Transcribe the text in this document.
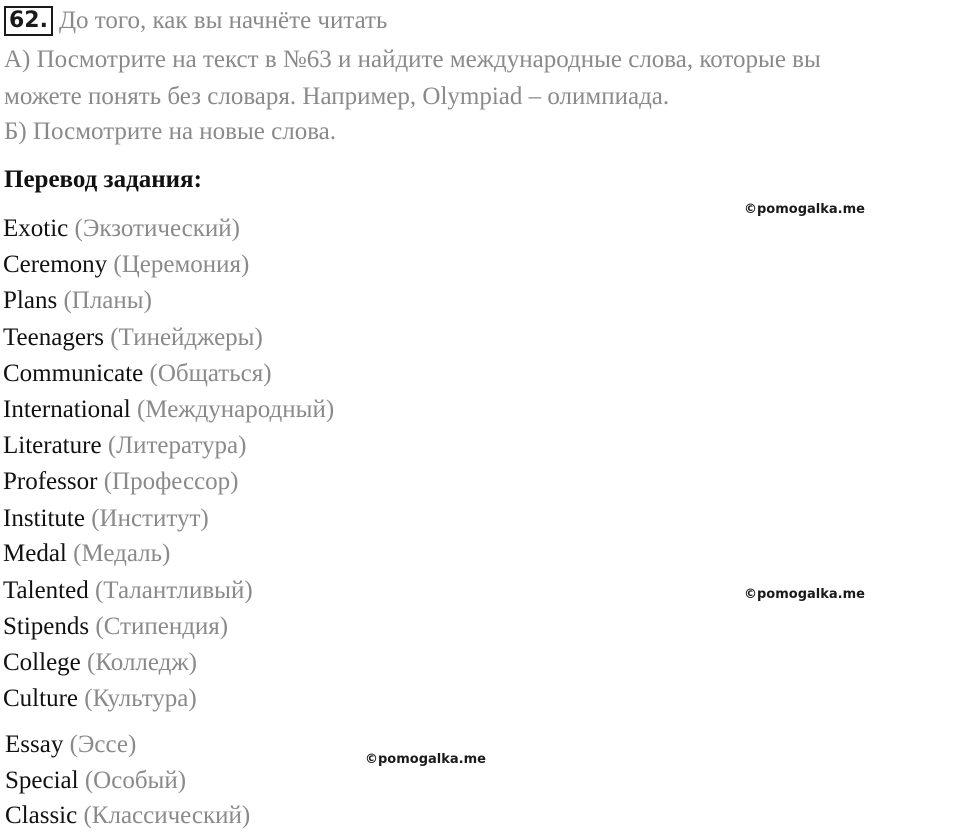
62. До того, как вы начнёте читать
А) Посмотрите на текст в №63 и найдите международные слова, которые вы
можете понять без словаря. Например, Olympiad – олимпиада.
Б) Посмотрите на новые слова.
Перевод задания:
Exotic (Экзотический)
Ceremony (Церемония)
Plans (Планы)
Teenagers (Тинейджеры)
Communicate (Общаться)
International (Международный)
Literature (Литература)
Professor (Профессор)
Institute (Институт)
Medal (Медаль)
Talented (Талантливый)
Stipends (Стипендия)
College (Колледж)
Culture (Культура)
Essay (Эссе)
Special (Особый)
Classic (Классический)
©pomogalka.me
©pomogalka.me
©pomogalka.me
